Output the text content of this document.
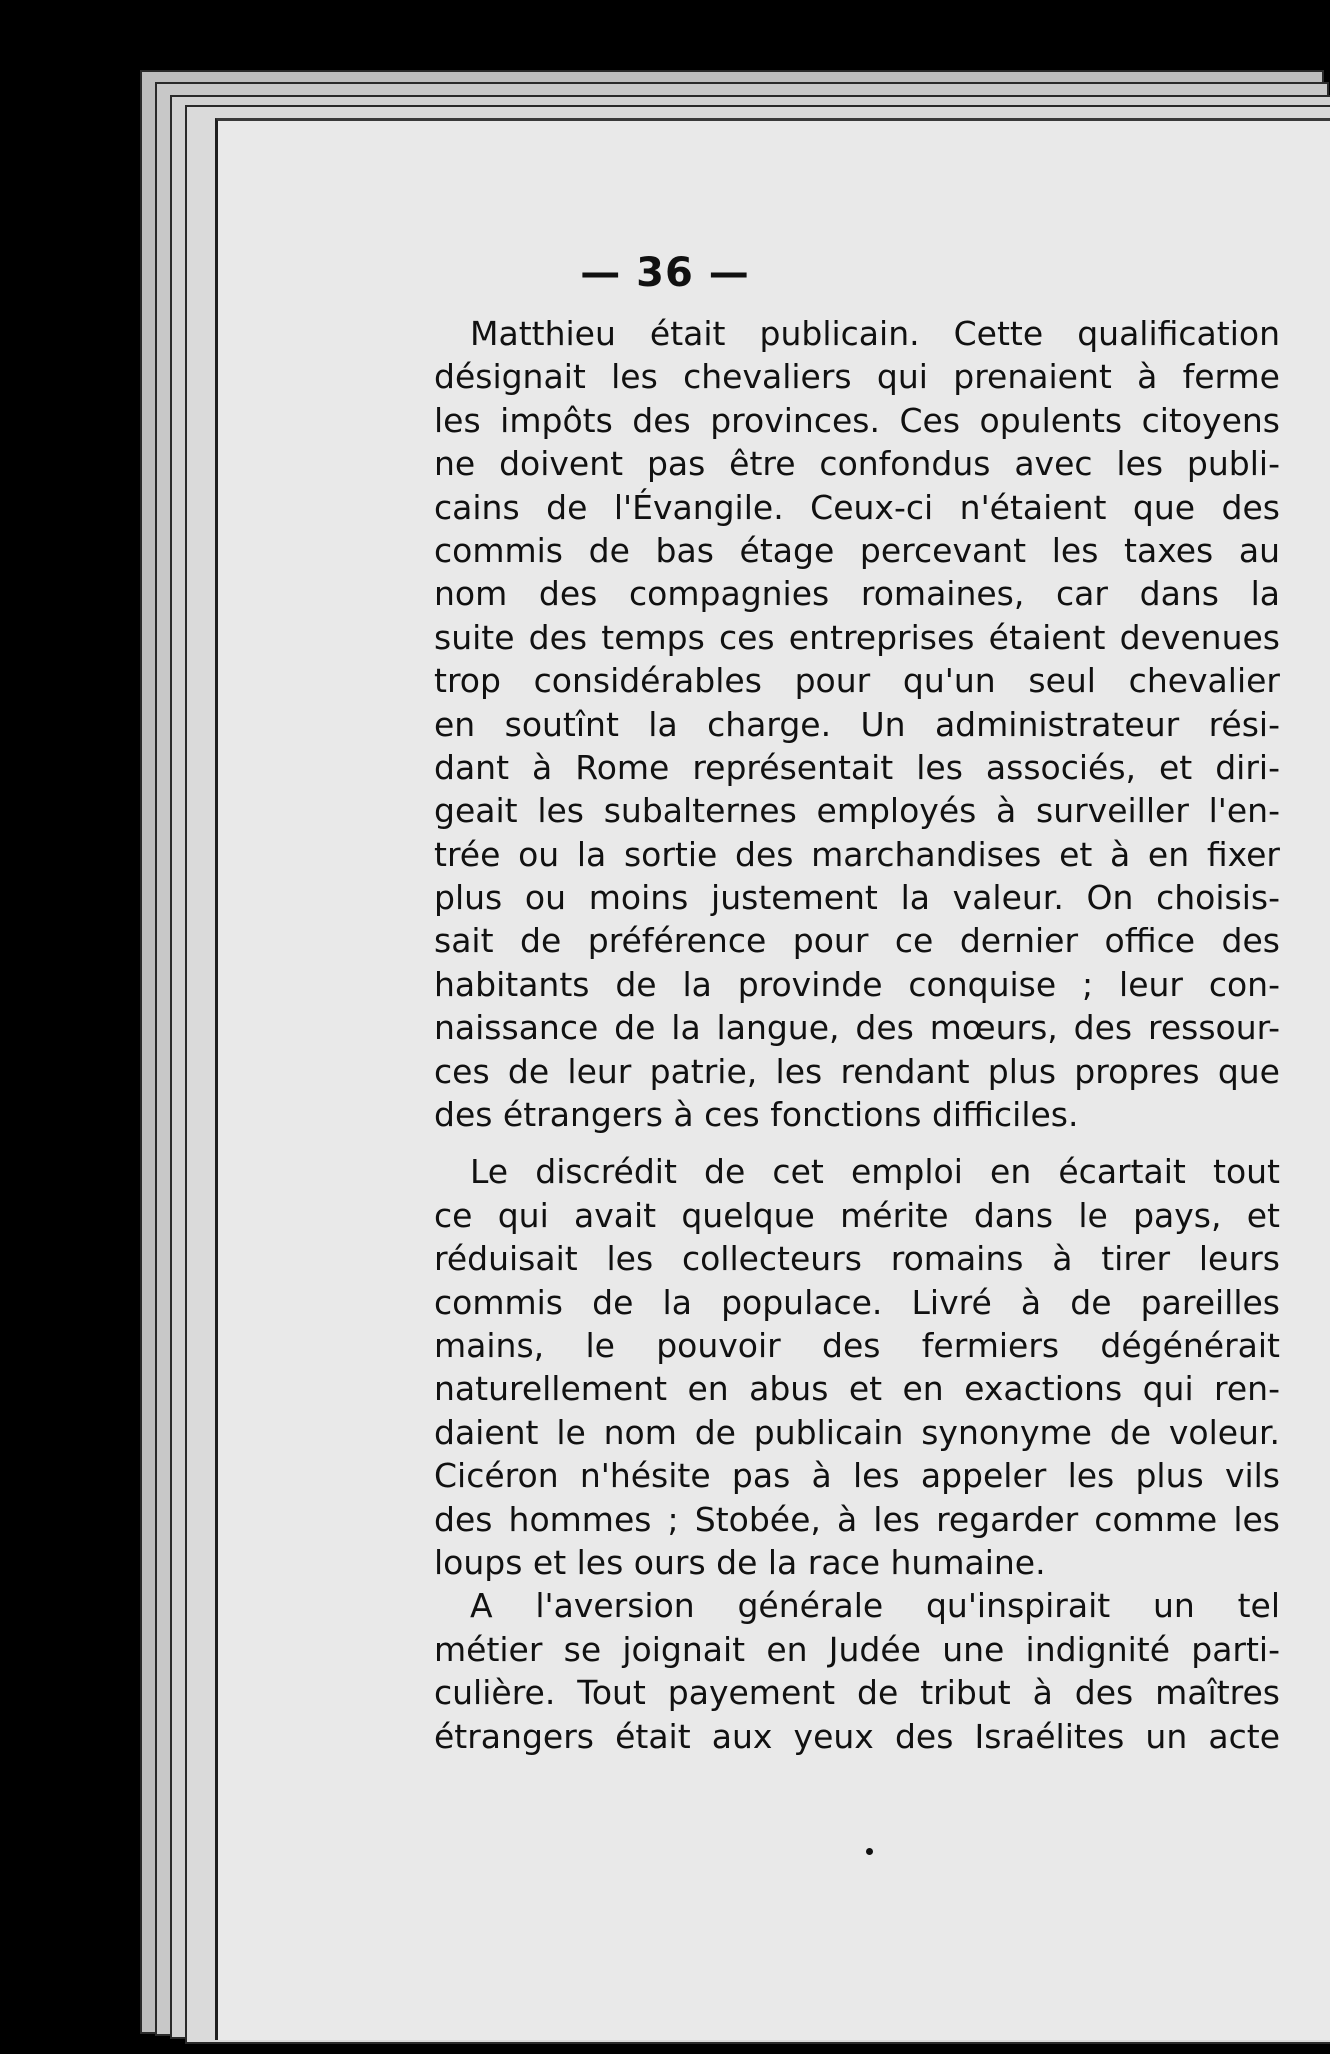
— 36 —
Matthieu était publicain. Cette qualification
désignait les chevaliers qui prenaient à ferme
les impôts des provinces. Ces opulents citoyens
ne doivent pas être confondus avec les publi-
cains de l'Évangile. Ceux-ci n'étaient que des
commis de bas étage percevant les taxes au
nom des compagnies romaines, car dans la
suite des temps ces entreprises étaient devenues
trop considérables pour qu'un seul chevalier
en soutînt la charge. Un administrateur rési-
dant à Rome représentait les associés, et diri-
geait les subalternes employés à surveiller l'en-
trée ou la sortie des marchandises et à en fixer
plus ou moins justement la valeur. On choisis-
sait de préférence pour ce dernier office des
habitants de la provinde conquise ; leur con-
naissance de la langue, des mœurs, des ressour-
ces de leur patrie, les rendant plus propres que
des étrangers à ces fonctions difficiles.
Le discrédit de cet emploi en écartait tout
ce qui avait quelque mérite dans le pays, et
réduisait les collecteurs romains à tirer leurs
commis de la populace. Livré à de pareilles
mains, le pouvoir des fermiers dégénérait
naturellement en abus et en exactions qui ren-
daient le nom de publicain synonyme de voleur.
Cicéron n'hésite pas à les appeler les plus vils
des hommes ; Stobée, à les regarder comme les
loups et les ours de la race humaine.
A l'aversion générale qu'inspirait un tel
métier se joignait en Judée une indignité parti-
culière. Tout payement de tribut à des maîtres
étrangers était aux yeux des Israélites un acte
